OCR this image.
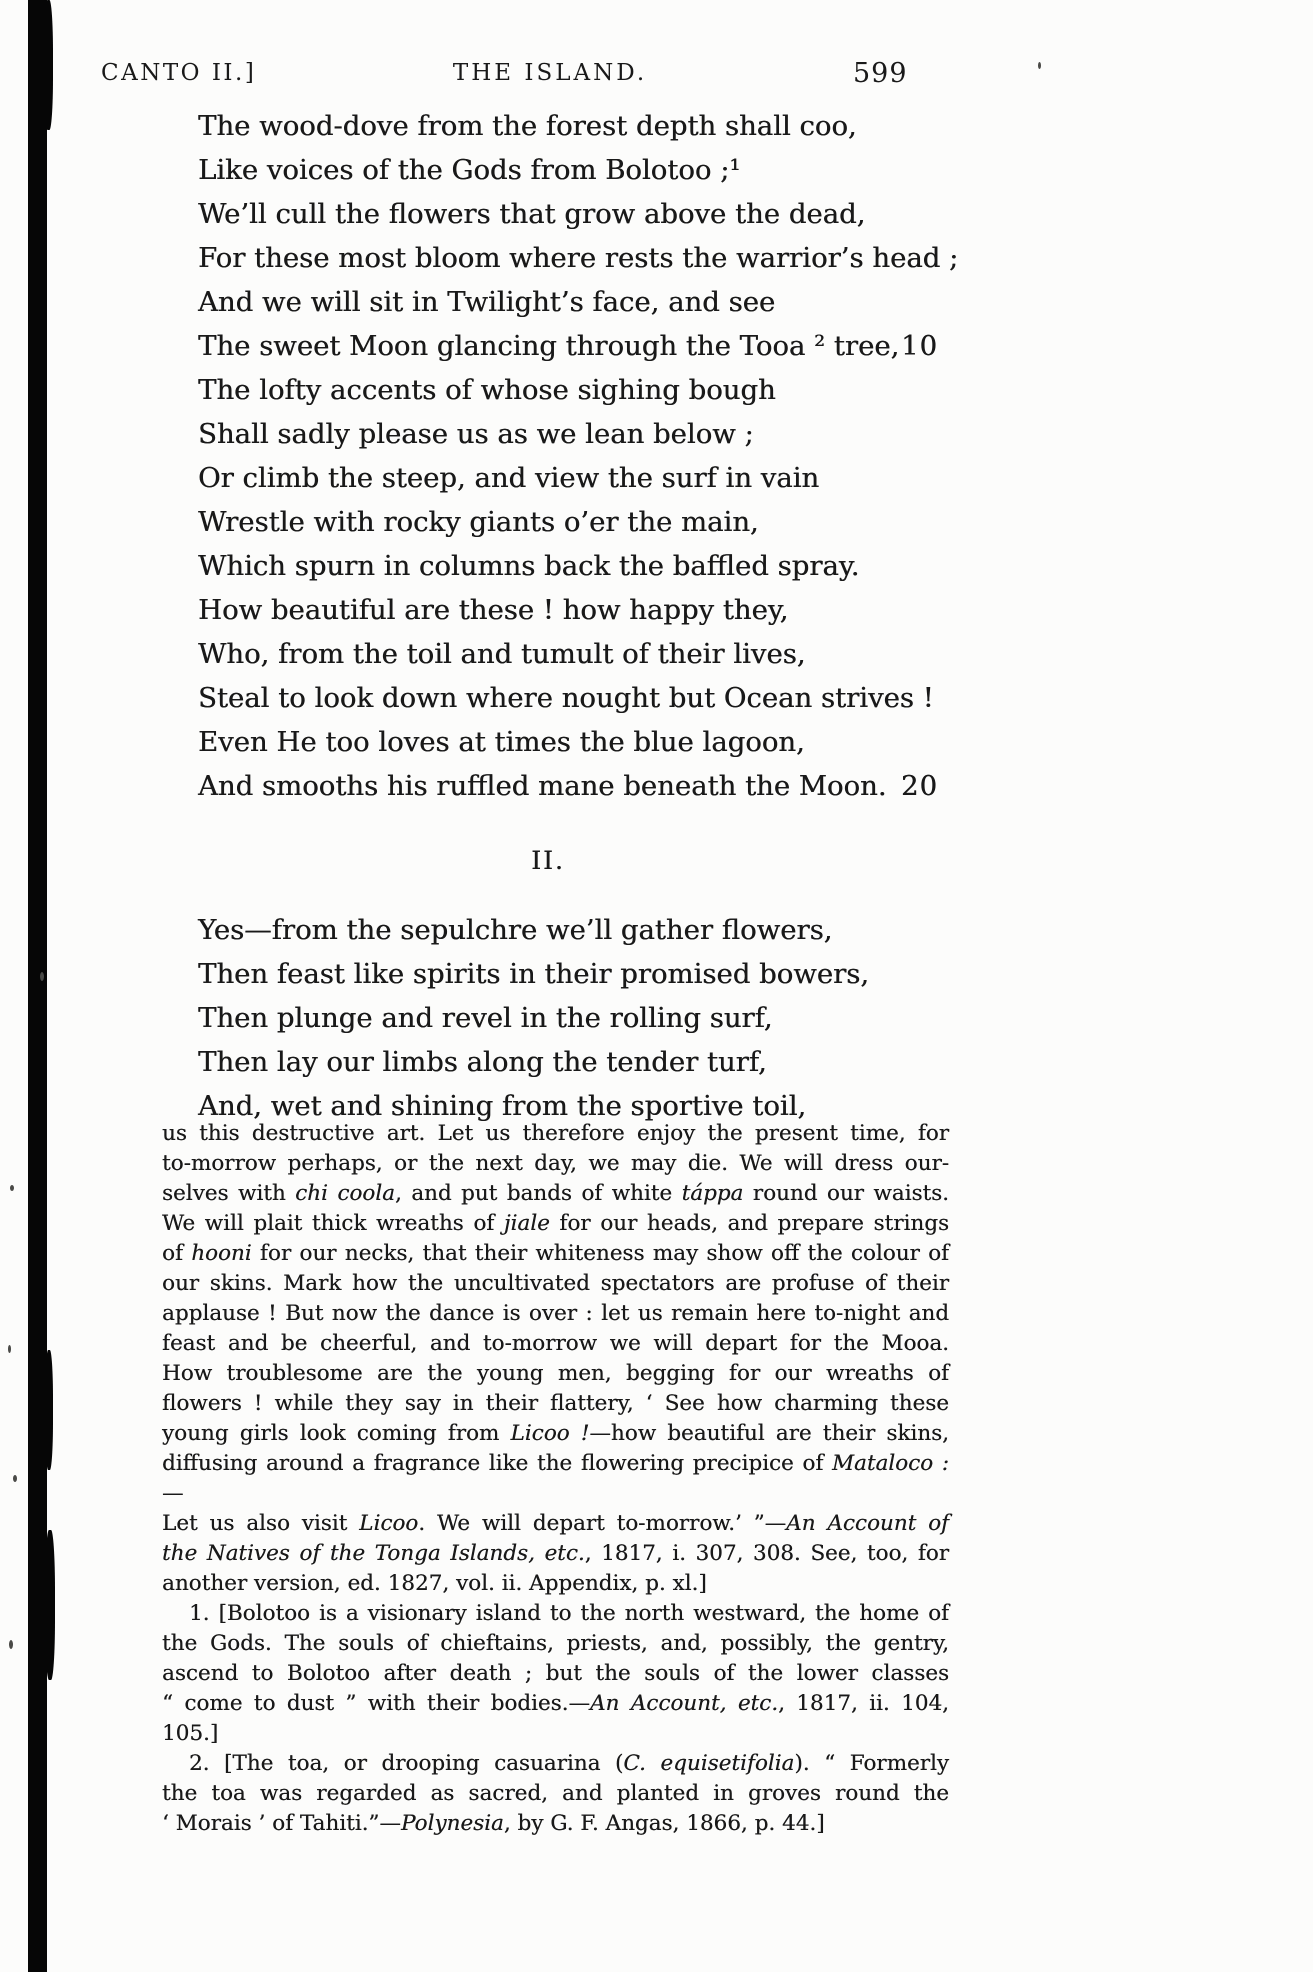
CANTO II.]	THE ISLAND.	599
The wood-dove from the forest depth shall coo,
Like voices of the Gods from Bolotoo ;¹
We’ll cull the flowers that grow above the dead,
For these most bloom where rests the warrior’s head ;
And we will sit in Twilight’s face, and see
The sweet Moon glancing through the Tooa ² tree, 10
The lofty accents of whose sighing bough
Shall sadly please us as we lean below ;
Or climb the steep, and view the surf in vain
Wrestle with rocky giants o’er the main,
Which spurn in columns back the baffled spray.
How beautiful are these ! how happy they,
Who, from the toil and tumult of their lives,
Steal to look down where nought but Ocean strives !
Even He too loves at times the blue lagoon,
And smooths his ruffled mane beneath the Moon. 20
II.
Yes—from the sepulchre we’ll gather flowers,
Then feast like spirits in their promised bowers,
Then plunge and revel in the rolling surf,
Then lay our limbs along the tender turf,
And, wet and shining from the sportive toil,
us this destructive art. Let us therefore enjoy the present time, for
to-morrow perhaps, or the next day, we may die. We will dress our-
selves with chi coola, and put bands of white táppa round our waists.
We will plait thick wreaths of jiale for our heads, and prepare strings
of hooni for our necks, that their whiteness may show off the colour of
our skins. Mark how the uncultivated spectators are profuse of their
applause ! But now the dance is over : let us remain here to-night and
feast and be cheerful, and to-morrow we will depart for the Mooa.
How troublesome are the young men, begging for our wreaths of
flowers ! while they say in their flattery, ‘ See how charming these
young girls look coming from Licoo !—how beautiful are their skins,
diffusing around a fragrance like the flowering precipice of Mataloco :—
Let us also visit Licoo. We will depart to-morrow.’ ”—An Account of
the Natives of the Tonga Islands, etc., 1817, i. 307, 308. See, too, for
another version, ed. 1827, vol. ii. Appendix, p. xl.]
1. [Bolotoo is a visionary island to the north westward, the home of
the Gods. The souls of chieftains, priests, and, possibly, the gentry,
ascend to Bolotoo after death ; but the souls of the lower classes
“ come to dust ” with their bodies.—An Account, etc., 1817, ii. 104,
105.]
2. [The toa, or drooping casuarina (C. equisetifolia). “ Formerly
the toa was regarded as sacred, and planted in groves round the
‘ Morais ’ of Tahiti.”—Polynesia, by G. F. Angas, 1866, p. 44.]
